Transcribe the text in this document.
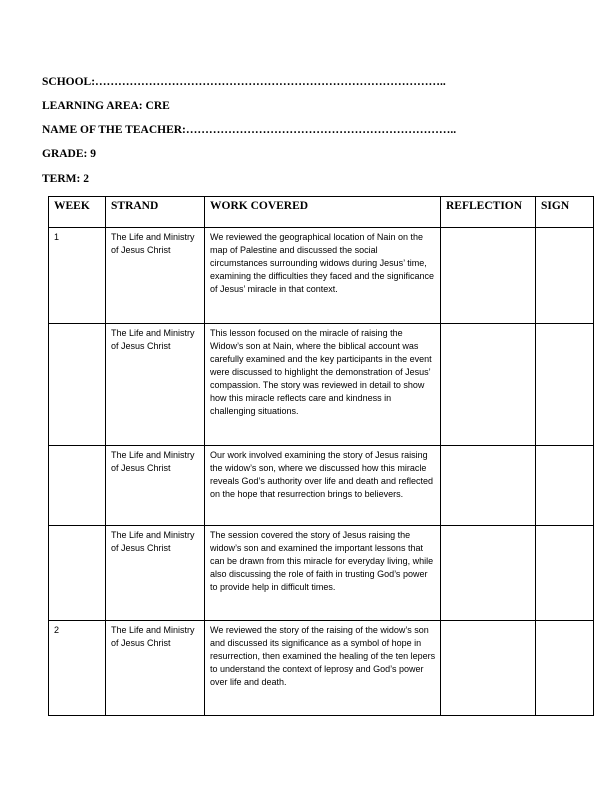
SCHOOL:………………………………………………………………………………..
LEARNING AREA: CRE
NAME OF THE TEACHER:……………………………………………………………..
GRADE: 9
TERM: 2
WEEK	STRAND	WORK COVERED	REFLECTION	SIGN
1	The Life and Ministry of Jesus Christ	We reviewed the geographical location of Nain on the map of Palestine and discussed the social circumstances surrounding widows during Jesus’ time, examining the difficulties they faced and the significance of Jesus’ miracle in that context.		
	The Life and Ministry of Jesus Christ	This lesson focused on the miracle of raising the Widow’s son at Nain, where the biblical account was carefully examined and the key participants in the event were discussed to highlight the demonstration of Jesus’ compassion. The story was reviewed in detail to show how this miracle reflects care and kindness in challenging situations.		
	The Life and Ministry of Jesus Christ	Our work involved examining the story of Jesus raising the widow’s son, where we discussed how this miracle reveals God’s authority over life and death and reflected on the hope that resurrection brings to believers.		
	The Life and Ministry of Jesus Christ	The session covered the story of Jesus raising the widow’s son and examined the important lessons that can be drawn from this miracle for everyday living, while also discussing the role of faith in trusting God’s power to provide help in difficult times.		
2	The Life and Ministry of Jesus Christ	We reviewed the story of the raising of the widow’s son and discussed its significance as a symbol of hope in resurrection, then examined the healing of the ten lepers to understand the context of leprosy and God’s power over life and death.		
